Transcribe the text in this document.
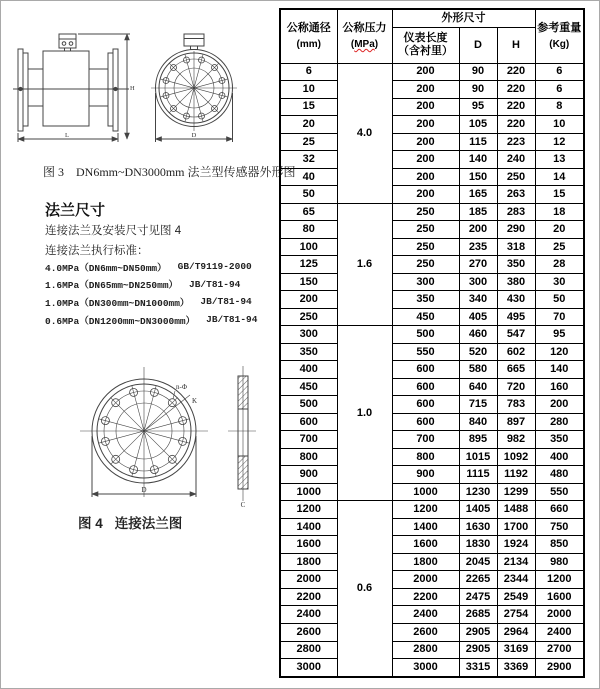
L
H
D
图 3 DN6mm~DN3000mm 法兰型传感器外形图
法兰尺寸
连接法兰及安装尺寸见图 4
连接法兰执行标准：
4.0MPa（DN6mm~DN50mm） GB/T9119-2000
1.6MPa（DN65mm~DN250mm） JB/T81-94
1.0MPa（DN300mm~DN1000mm） JB/T81-94
0.6MPa（DN1200mm~DN3000mm） JB/T81-94
n-Φ
K
D
C
图 4 连接法兰图
公称通径
(mm)

公称压力
(MPa)
	外形尺寸	
参考重量
(Kg)

		仪表长度
（含衬里）	D	H	
6	4.0	200	90	220	6
10		200	90	220	6
15		200	95	220	8
20		200	105	220	10
25		200	115	223	12
32		200	140	240	13
40		200	150	250	14
50		200	165	263	15
65	1.6	250	185	283	18
80		250	200	290	20
100		250	235	318	25
125		250	270	350	28
150		300	300	380	30
200		350	340	430	50
250		450	405	495	70
300	1.0	500	460	547	95
350		550	520	602	120
400		600	580	665	140
450		600	640	720	160
500		600	715	783	200
600		600	840	897	280
700		700	895	982	350
800		800	1015	1092	400
900		900	1115	1192	480
1000		1000	1230	1299	550
1200	0.6	1200	1405	1488	660
1400		1400	1630	1700	750
1600		1600	1830	1924	850
1800		1800	2045	2134	980
2000		2000	2265	2344	1200
2200		2200	2475	2549	1600
2400		2400	2685	2754	2000
2600		2600	2905	2964	2400
2800		2800	2905	3169	2700
3000		3000	3315	3369	2900
